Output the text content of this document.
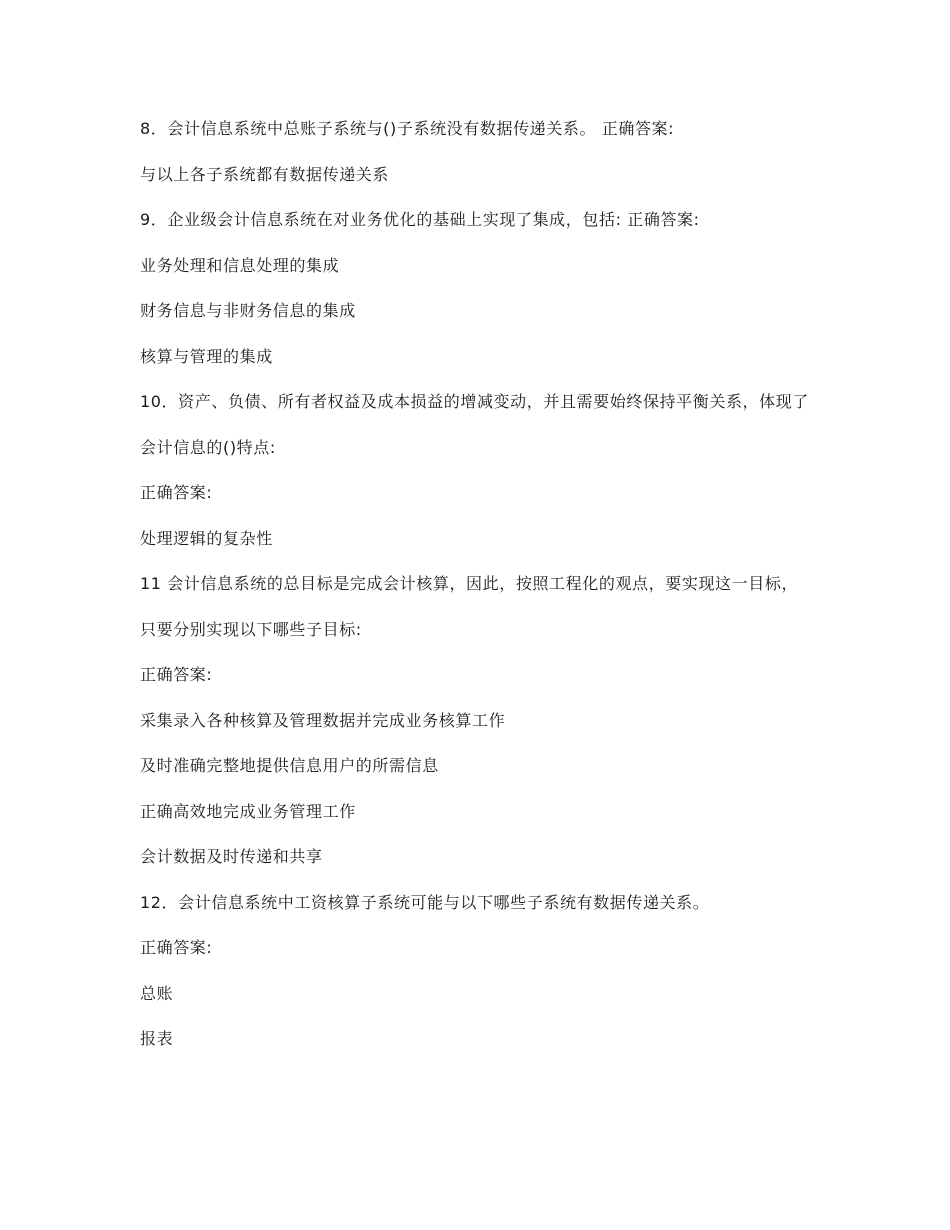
8．会计信息系统中总账子系统与()子系统没有数据传递关系。 正确答案:

与以上各子系统都有数据传递关系

9．企业级会计信息系统在对业务优化的基础上实现了集成，包括: 正确答案:

业务处理和信息处理的集成

财务信息与非财务信息的集成

核算与管理的集成

10．资产、负债、所有者权益及成本损益的增减变动，并且需要始终保持平衡关系，体现了

会计信息的()特点:

正确答案:

处理逻辑的复杂性

11 会计信息系统的总目标是完成会计核算，因此，按照工程化的观点，要实现这一目标，

只要分别实现以下哪些子目标:

正确答案:

采集录入各种核算及管理数据并完成业务核算工作

及时准确完整地提供信息用户的所需信息

正确高效地完成业务管理工作

会计数据及时传递和共享

12．会计信息系统中工资核算子系统可能与以下哪些子系统有数据传递关系。

正确答案:

总账

报表
